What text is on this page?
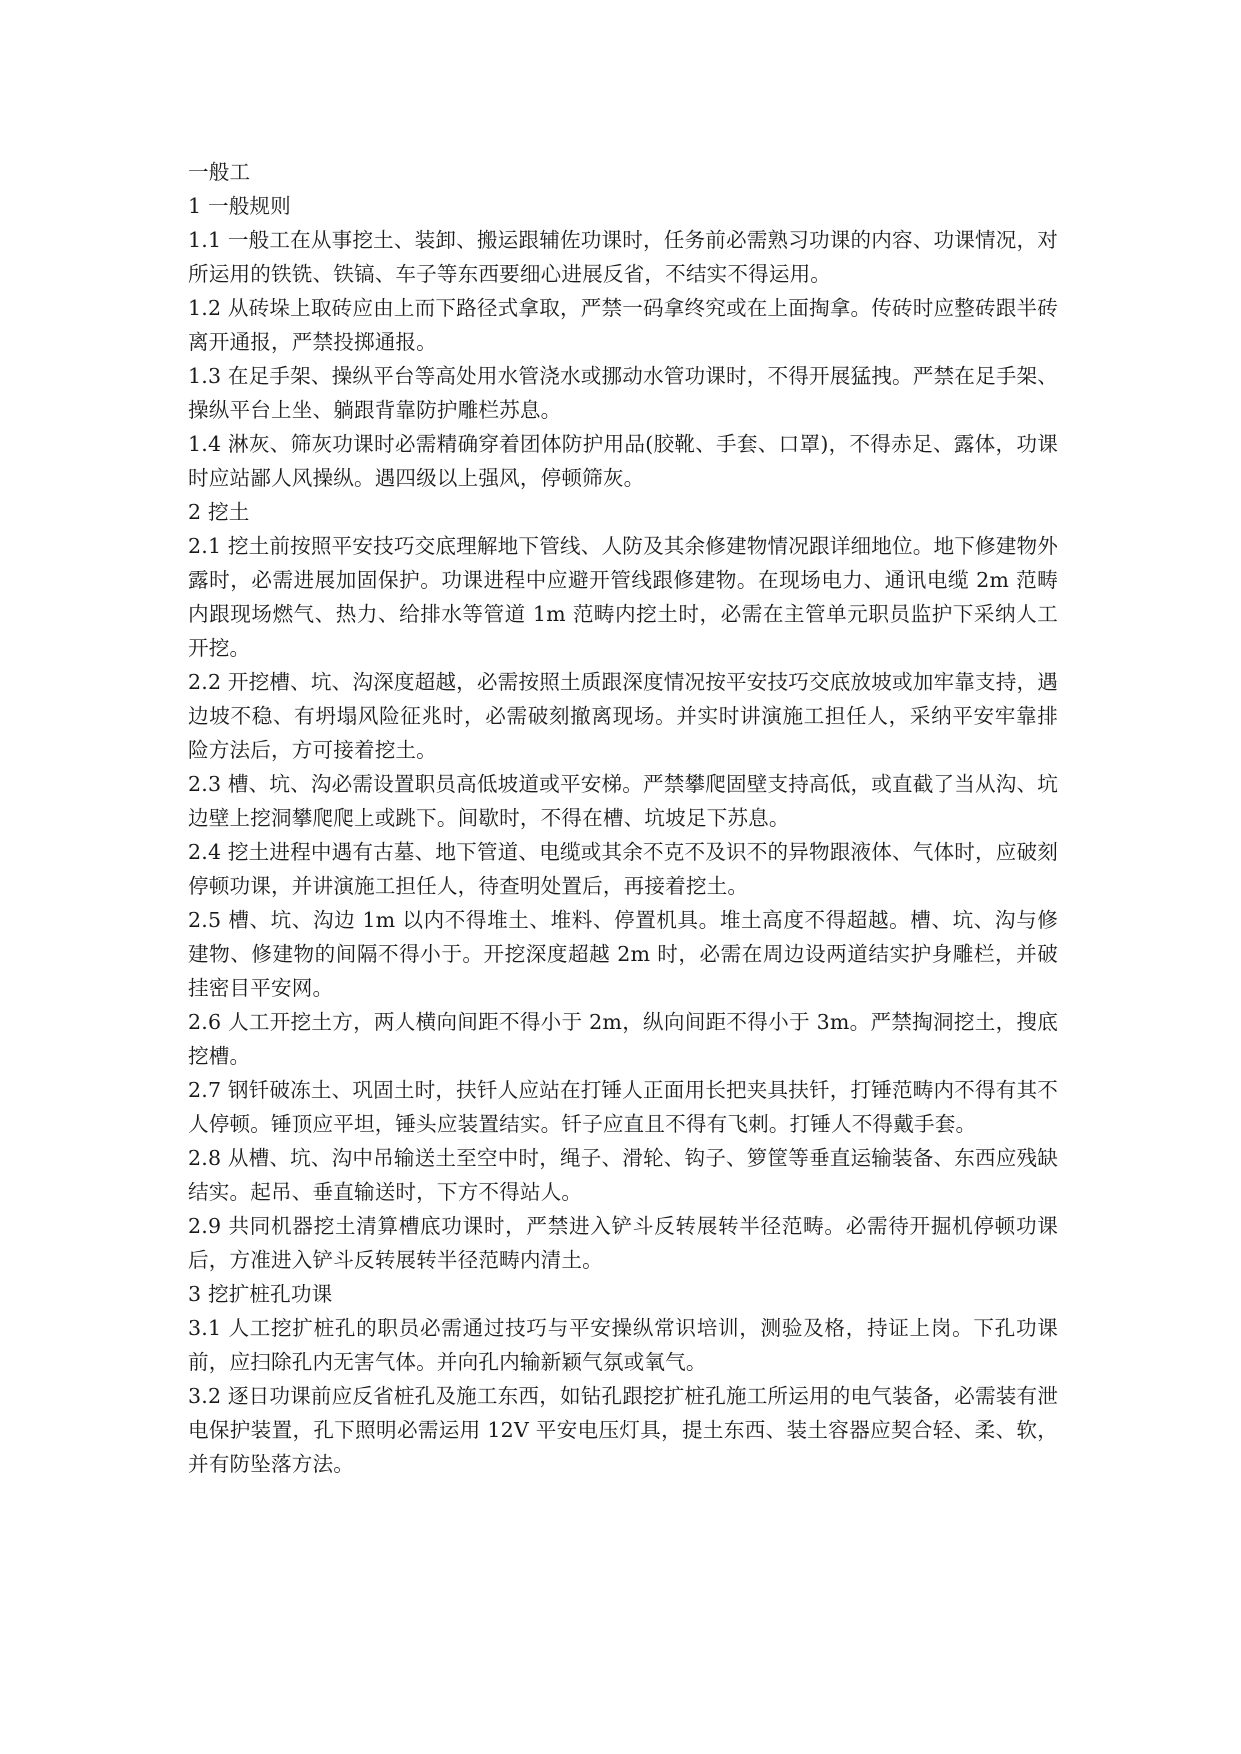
一般工

1 一般规则

1.1 一般工在从事挖土、装卸、搬运跟辅佐功课时，任务前必需熟习功课的内容、功课情况，对所运用的铁铣、铁镐、车子等东西要细心进展反省，不结实不得运用。

1.2 从砖垛上取砖应由上而下路径式拿取，严禁一码拿终究或在上面掏拿。传砖时应整砖跟半砖离开通报，严禁投掷通报。

1.3 在足手架、操纵平台等高处用水管浇水或挪动水管功课时，不得开展猛拽。严禁在足手架、操纵平台上坐、躺跟背靠防护雕栏苏息。

1.4 淋灰、筛灰功课时必需精确穿着团体防护用品(胶靴、手套、口罩)，不得赤足、露体，功课时应站鄙人风操纵。遇四级以上强风，停顿筛灰。

2 挖土

2.1 挖土前按照平安技巧交底理解地下管线、人防及其余修建物情况跟详细地位。地下修建物外露时，必需进展加固保护。功课进程中应避开管线跟修建物。在现场电力、通讯电缆 2m 范畴内跟现场燃气、热力、给排水等管道 1m 范畴内挖土时，必需在主管单元职员监护下采纳人工开挖。

2.2 开挖槽、坑、沟深度超越，必需按照土质跟深度情况按平安技巧交底放坡或加牢靠支持，遇边坡不稳、有坍塌风险征兆时，必需破刻撤离现场。并实时讲演施工担任人，采纳平安牢靠排险方法后，方可接着挖土。

2.3 槽、坑、沟必需设置职员高低坡道或平安梯。严禁攀爬固壁支持高低，或直截了当从沟、坑边壁上挖洞攀爬爬上或跳下。间歇时，不得在槽、坑坡足下苏息。

2.4 挖土进程中遇有古墓、地下管道、电缆或其余不克不及识不的异物跟液体、气体时，应破刻停顿功课，并讲演施工担任人，待查明处置后，再接着挖土。

2.5 槽、坑、沟边 1m 以内不得堆土、堆料、停置机具。堆土高度不得超越。槽、坑、沟与修建物、修建物的间隔不得小于。开挖深度超越 2m 时，必需在周边设两道结实护身雕栏，并破挂密目平安网。

2.6 人工开挖土方，两人横向间距不得小于 2m，纵向间距不得小于 3m。严禁掏洞挖土，搜底挖槽。

2.7 钢钎破冻土、巩固土时，扶钎人应站在打锤人正面用长把夹具扶钎，打锤范畴内不得有其不人停顿。锤顶应平坦，锤头应装置结实。钎子应直且不得有飞刺。打锤人不得戴手套。

2.8 从槽、坑、沟中吊输送土至空中时，绳子、滑轮、钩子、箩筐等垂直运输装备、东西应残缺结实。起吊、垂直输送时，下方不得站人。

2.9 共同机器挖土清算槽底功课时，严禁进入铲斗反转展转半径范畴。必需待开掘机停顿功课后，方准进入铲斗反转展转半径范畴内清土。

3 挖扩桩孔功课

3.1 人工挖扩桩孔的职员必需通过技巧与平安操纵常识培训，测验及格，持证上岗。下孔功课前，应扫除孔内无害气体。并向孔内输新颖气氛或氧气。

3.2 逐日功课前应反省桩孔及施工东西，如钻孔跟挖扩桩孔施工所运用的电气装备，必需装有泄电保护装置，孔下照明必需运用 12V 平安电压灯具，提土东西、装土容器应契合轻、柔、软，并有防坠落方法。
